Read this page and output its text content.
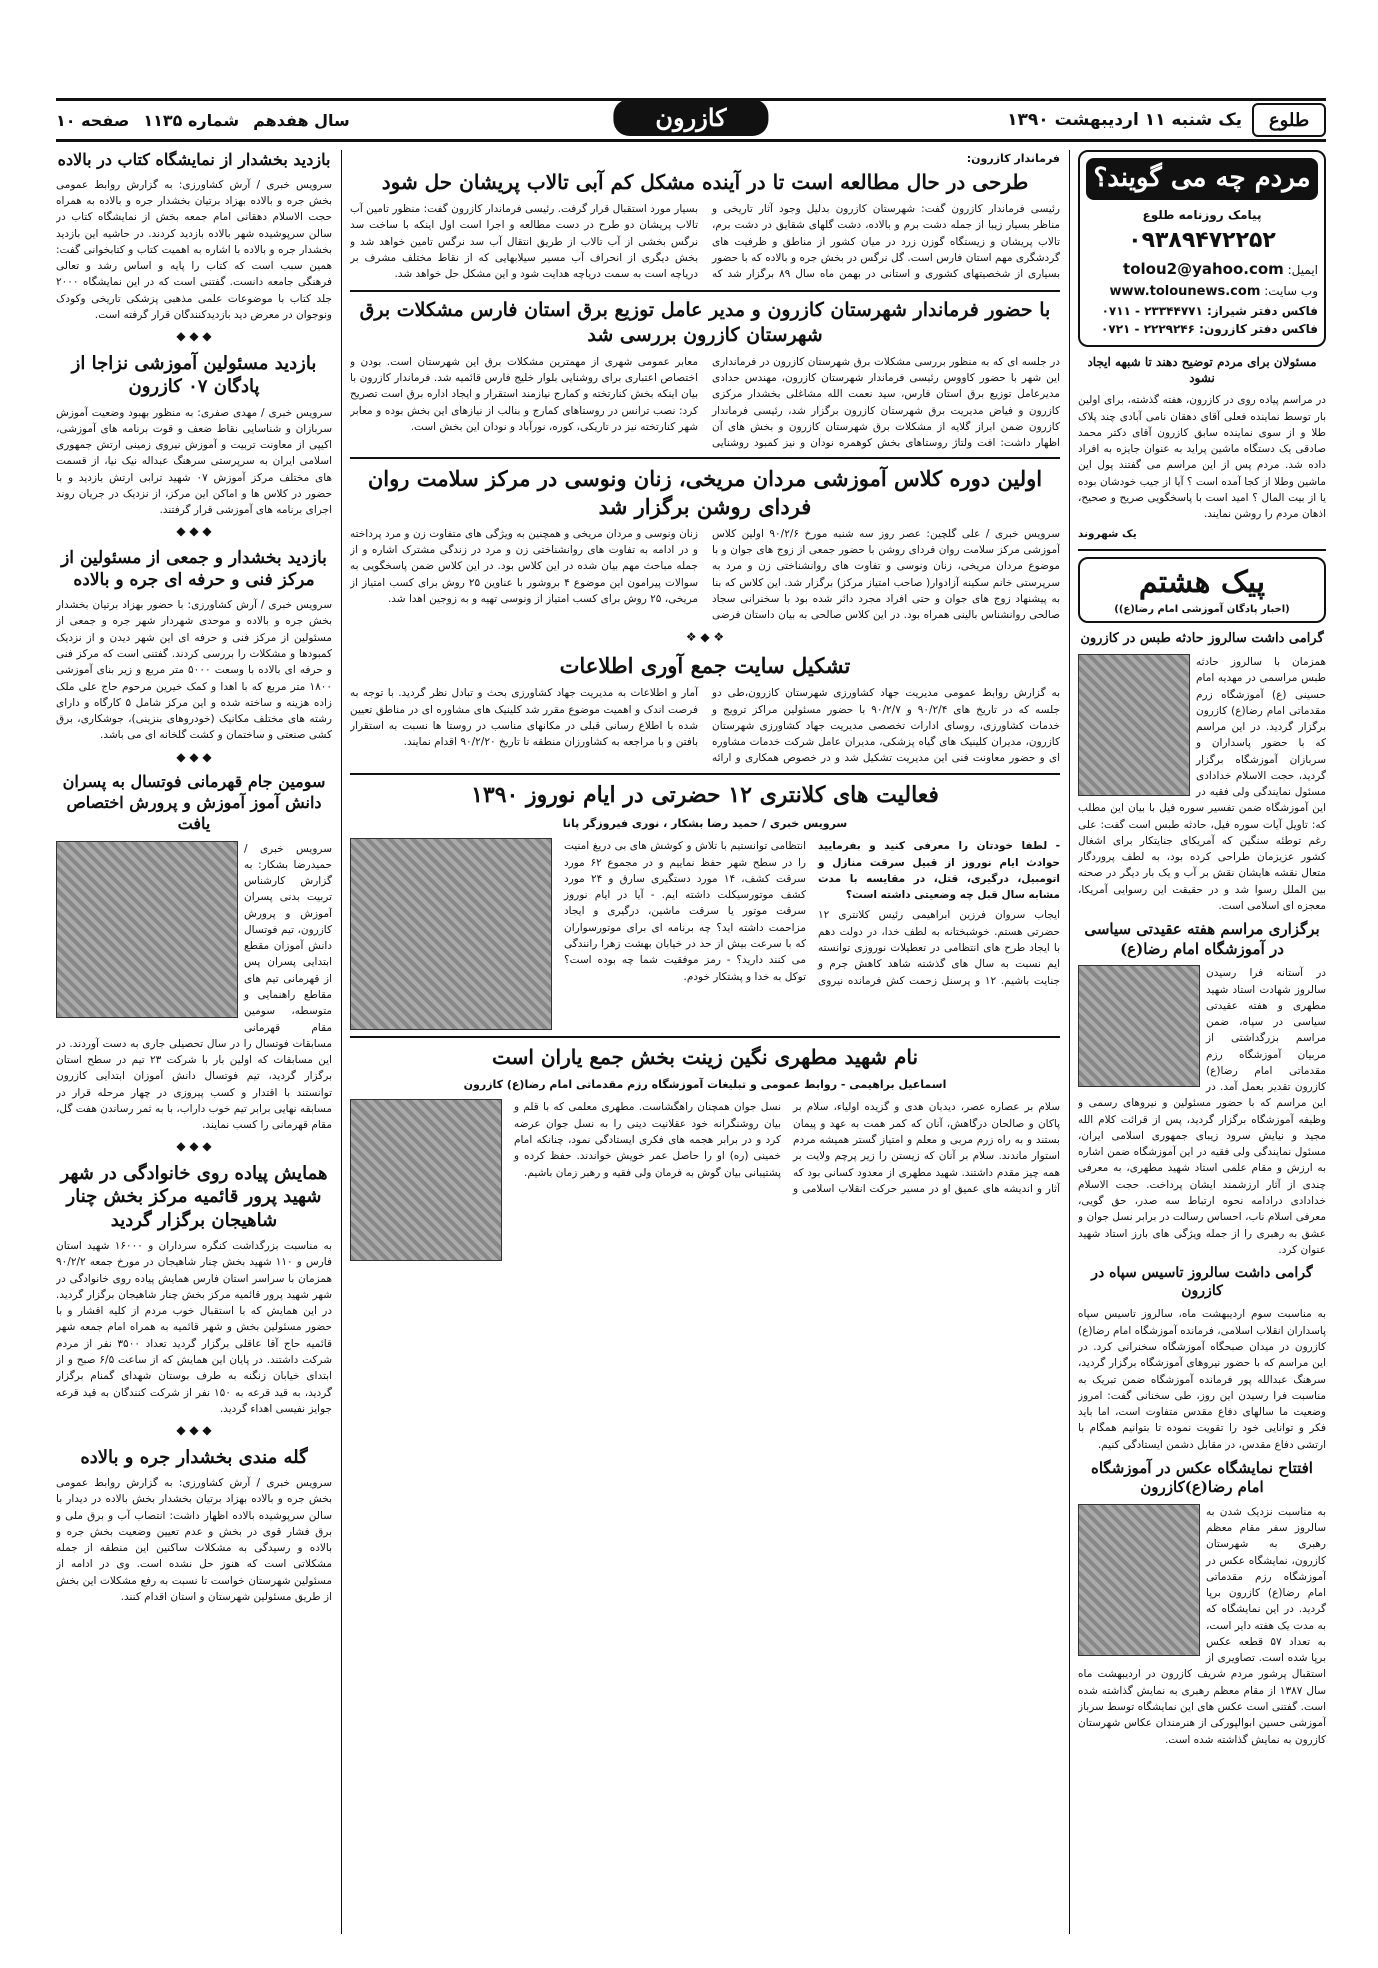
طلوع
یک شنبه ۱۱ اردیبهشت ۱۳۹۰
کازرون
سال هفدهم
شماره ۱۱۳۵
صفحه ۱۰
مردم چه می گویند؟
پیامک روزنامه طلوع
۰۹۳۸۹۴۷۲۲۵۲
ایمیل: tolou2@yahoo.com
وب سایت: www.tolounews.com
فاکس دفتر شیراز: ۲۳۳۴۴۷۷۱ - ۰۷۱۱
فاکس دفتر کازرون: ۲۲۲۹۲۴۶ - ۰۷۲۱
مسئولان برای مردم توضیح دهند تا شبهه ایجاد نشود

در مراسم پیاده روی در کازرون، هفته گذشته، برای اولین بار توسط نماینده فعلی آقای دهقان نامی آبادی چند پلاک طلا و از سوی نماینده سابق کازرون آقای دکتر محمد صادقی یک دستگاه ماشین پراید به عنوان جایزه به افراد داده شد. مردم پس از این مراسم می گفتند پول این ماشین وطلا از کجا آمده است ؟ آیا از جیب خودشان بوده یا از بیت المال ؟ امید است با پاسخگویی صریح و صحیح، اذهان مردم را روشن نمایند.

یک شهروند

پیک هشتم
(اخبار پادگان آموزشی امام رضا(ع))
گرامی داشت سالروز حادثه طبس در کازرون

همزمان با سالروز حادثه طبس مراسمی در مهدیه امام حسینی (ع) آموزشگاه زرم مقدماتی امام رضا(ع) کازرون برگزار گردید. در این مراسم که با حضور پاسداران و سربازان آموزشگاه برگزار گردید، حجت الاسلام خدادادی مسئول نمایندگی ولی فقیه در این آموزشگاه ضمن تفسیر سوره فیل با بیان این مطلب که: تاویل آیات سوره فیل، حادثه طبس است گفت: علی رغم توطئه سنگین که آمریکای جنایتکار برای اشغال کشور عزیزمان طراحی کرده بود، به لطف پروردگار متعال نقشه هایشان نقش بر آب و یک بار دیگر در صحنه بین الملل رسوا شد و در حقیقت این رسوایی آمریکا، معجزه ای اسلامی است.

برگزاری مراسم هفته عقیدتی سیاسی در آموزشگاه امام رضا(ع)

در آستانه فرا رسیدن سالروز شهادت استاد شهید مطهری و هفته عقیدتی سیاسی در سپاه، ضمن مراسم بزرگداشتی از مربیان آموزشگاه رزم مقدماتی امام رضا(ع) کازرون تقدیر بعمل آمد. در این مراسم که با حضور مسئولین و نیروهای رسمی و وظیفه آموزشگاه برگزار گردید، پس از قرائت کلام الله مجید و نیایش سرود زیبای جمهوری اسلامی ایران، مسئول نمایندگی ولی فقیه در این آموزشگاه ضمن اشاره به ارزش و مقام علمی استاد شهید مطهری، به معرفی چندی از آثار ارزشمند ایشان پرداخت. حجت الاسلام خدادادی درادامه نحوه ارتباط سه صدر، حق گویی، معرفی اسلام ناب، احساس رسالت در برابر نسل جوان و عشق به رهبری را از جمله ویژگی های بارز استاد شهید عنوان کرد.

گرامی داشت سالروز تاسیس سپاه در کازرون

به مناسبت سوم اردیبهشت ماه، سالروز تاسیس سپاه پاسداران انقلاب اسلامی، فرمانده آموزشگاه امام رضا(ع) کازرون در میدان صبحگاه آموزشگاه سخنرانی کرد. در این مراسم که با حضور نیروهای آموزشگاه برگزار گردید، سرهنگ عبدالله پور فرمانده آموزشگاه ضمن تبریک به مناسبت فرا رسیدن این روز، طی سخنانی گفت: امروز وضعیت ما سالهای دفاع مقدس متفاوت است، اما باید فکر و توانایی خود را تقویت نموده تا بتوانیم همگام با ارتشی دفاع مقدس، در مقابل دشمن ایستادگی کنیم.

افتتاح نمایشگاه عکس در آموزشگاه امام رضا(ع)کازرون

به مناسبت نزدیک شدن به سالروز سفر مقام معظم رهبری به شهرستان کازرون، نمایشگاه عکس در آموزشگاه رزم مقدماتی امام رضا(ع) کازرون برپا گردید. در این نمایشگاه که به مدت یک هفته دایر است، به تعداد ۵۷ قطعه عکس برپا شده است. تصاویری از استقبال پرشور مردم شریف کازرون در اردیبهشت ماه سال ۱۳۸۷ از مقام معظم رهبری به نمایش گذاشته شده است. گفتنی است عکس های این نمایشگاه توسط سرباز آموزشی حسین ابوالپورکی از هنرمندان عکاس شهرستان کازرون به نمایش گذاشته شده است.

فرماندار کازرون:
طرحی در حال مطالعه است تا در آینده مشکل کم آبی تالاب پریشان حل شود

رئیسی فرماندار کازرون گفت: شهرستان کازرون بدلیل وجود آثار تاریخی و مناظر بسیار زیبا از جمله دشت برم و بالاده، دشت گلهای شقایق در دشت برم، تالاب پریشان و زیستگاه گوزن زرد در میان کشور از مناطق و ظرفیت های گردشگری مهم استان فارس است. گل نرگس در بخش جره و بالاده که با حضور بسیاری از شخصیتهای کشوری و استانی در بهمن ماه سال ۸۹ برگزار شد که بسیار مورد استقبال قرار گرفت. رئیسی فرماندار کازرون گفت: منظور تامین آب تالاب پریشان دو طرح در دست مطالعه و اجرا است اول اینکه با ساخت سد نرگس بخشی از آب تالاب از طریق انتقال آب سد نرگس تامین خواهد شد و بخش دیگری از انحراف آب مسیر سیلابهایی که از نقاط مختلف مشرف بر دریاچه است به سمت دریاچه هدایت شود و این مشکل حل خواهد شد.

با حضور فرماندار شهرستان کازرون و مدیر عامل توزیع برق استان فارس مشکلات برق شهرستان کازرون بررسی شد

در جلسه ای که به منظور بررسی مشکلات برق شهرستان کازرون در فرمانداری این شهر با حضور کاووس رئیسی فرماندار شهرستان کازرون، مهندس حدادی مدیرعامل توزیع برق استان فارس، سید نعمت الله مشاغلی بخشدار مرکزی کازرون و فیاض مدیریت برق شهرستان کازرون برگزار شد، رئیسی فرماندار کازرون ضمن ابراز گلایه از مشکلات برق شهرستان کازرون و بخش های آن اظهار داشت: افت ولتاژ روستاهای بخش کوهمره نودان و نیز کمبود روشنایی معابر عمومی شهری از مهمترین مشکلات برق این شهرستان است. بودن و اختصاص اعتباری برای روشنایی بلوار خلیج فارس قائمیه شد. فرماندار کازرون با بیان اینکه بخش کنارتخته و کمارج نیازمند استقرار و ایجاد اداره برق است تصریح کرد: نصب ترانس در روستاهای کمارج و بنالب از نیازهای این بخش بوده و معابر شهر کنارتخته نیز در تاریکی، کوره، نورآباد و نودان این بخش است.

اولین دوره کلاس آموزشی مردان مریخی، زنان ونوسی در مرکز سلامت روان فردای روشن برگزار شد

سرویس خبری / علی گلچین: عصر روز سه شنبه مورخ ۹۰/۲/۶ اولین کلاس آموزشی مرکز سلامت روان فردای روشن با حضور جمعی از زوج های جوان و با موضوع مردان مریخی، زنان ونوسی و تفاوت های روانشناختی زن و مرد به سرپرستی خانم سکینه آزادوار( صاحب امتیاز مرکز) برگزار شد. این کلاس که بنا به پیشنهاد زوج های جوان و حتی افراد مجرد دائر شده بود با سخنرانی سجاد صالحی روانشناس بالینی همراه بود. در این کلاس صالحی به بیان داستان فرضی زنان ونوسی و مردان مریخی و همچنین به ویژگی های متفاوت زن و مرد پرداخته و در ادامه به تفاوت های روانشناختی زن و مرد در زندگی مشترک اشاره و از جمله مباحث مهم بیان شده در این کلاس بود. در این کلاس ضمن پاسخگویی به سوالات پیرامون این موضوع ۴ بروشور با عناوین ۲۵ روش برای کسب امتیاز از مریخی، ۲۵ روش برای کسب امتیاز از ونوسی تهیه و به زوجین اهدا شد.

❖ ◆ ❖
تشکیل سایت جمع آوری اطلاعات

به گزارش روابط عمومی مدیریت جهاد کشاورزی شهرستان کازرون،طی دو جلسه که در تاریخ های ۹۰/۲/۴ و ۹۰/۲/۷ با حضور مسئولین مراکز ترویج و خدمات کشاورزی، روسای ادارات تخصصی مدیریت جهاد کشاورزی شهرستان کازرون، مدیران کلینیک های گیاه پزشکی، مدیران عامل شرکت خدمات مشاوره ای و حضور معاونت فنی این مدیریت تشکیل شد و در خصوص همکاری و ارائه آمار و اطلاعات به مدیریت جهاد کشاورزی بحث و تبادل نظر گردید. با توجه به فرصت اندک و اهمیت موضوع مقرر شد کلینیک های مشاوره ای در مناطق تعیین شده با اطلاع رسانی قبلی در مکانهای مناسب در روستا ها نسبت به استقرار بافتن و با مراجعه به کشاورزان منطقه تا تاریخ ۹۰/۲/۲۰ اقدام نمایند.

فعالیت های کلانتری ۱۲ حضرتی در ایام نوروز ۱۳۹۰
سرویس خبری / حمید رضا بشکار ، نوری فیروزگر پانا

- لطفا خودتان را معرفی کنید و بفرمایید حوادث ایام نوروز از قبیل سرقت منازل و اتومبیل، درگیری، قتل، در مقایسه با مدت مشابه سال قبل چه وضعیتی داشته است؟

ایجاب سروان فرزین ابراهیمی رئیس کلانتری ۱۲ حضرتی هستم. خوشبختانه به لطف خدا، در دولت دهم با ایجاد طرح های انتظامی در تعطیلات نوروزی توانسته ایم نسبت به سال های گذشته شاهد کاهش جرم و جنایت باشیم. ۱۲ و پرسنل زحمت کش فرمانده نیروی انتظامی توانستیم با تلاش و کوشش های بی دریغ امنیت را در سطح شهر حفظ نماییم و در مجموع ۶۲ مورد سرقت کشف، ۱۴ مورد دستگیری سارق و ۲۴ مورد کشف موتورسیکلت داشته ایم. - آیا در ایام نوروز سرقت موتور یا سرقت ماشین، درگیری و ایجاد مزاحمت داشته اید؟ چه برنامه ای برای موتورسواران که با سرعت بیش از حد در خیابان بهشت زهرا رانندگی می کنند دارید؟ - رمز موفقیت شما چه بوده است؟ توکل به خدا و پشتکار خودم.

نام شهید مطهری نگین زینت بخش جمع یاران است
اسماعیل براهیمی - روابط عمومی و تبلیغات آموزشگاه رزم مقدماتی امام رضا(ع) کازرون

سلام بر عصاره عصر، دیدبان هدی و گزیده اولیاء، سلام بر پاکان و صالحان درگاهش، آنان که کمر همت به عهد و پیمان بستند و به راه زرم مربی و معلم و امتیاز گستر همیشه مردم استوار ماندند. سلام بر آنان که زیستن را زیر پرچم ولایت بر همه چیز مقدم داشتند. شهید مطهری از معدود کسانی بود که آثار و اندیشه های عمیق او در مسیر حرکت انقلاب اسلامی و نسل جوان همچنان راهگشاست. مطهری معلمی که با قلم و بیان روشنگرانه خود عقلانیت دینی را به نسل جوان عرضه کرد و در برابر هجمه های فکری ایستادگی نمود، چنانکه امام خمینی (ره) او را حاصل عمر خویش خواندند. حفظ کرده و پشتیبانی بیان گوش به فرمان ولی فقیه و رهبر زمان باشیم.

بازدید بخشدار از نمایشگاه کتاب در بالاده

سرویس خبری / آرش کشاورزی: به گزارش روابط عمومی بخش جره و بالاده بهزاد برتیان بخشدار جره و بالاده به همراه حجت الاسلام دهقانی امام جمعه بخش از نمایشگاه کتاب در سالن سرپوشیده شهر بالاده بازدید کردند. در حاشیه این بازدید بخشدار جره و بالاده با اشاره به اهمیت کتاب و کتابخوانی گفت: همین سبب است که کتاب را پایه و اساس رشد و تعالی فرهنگی جامعه دانست. گفتنی است که در این نمایشگاه ۲۰۰۰ جلد کتاب با موضوعات علمی مذهبی پزشکی تاریخی وکودک ونوجوان در معرض دید بازدیدکنندگان قرار گرفته است.

◆ ◆ ◆
بازدید مسئولین آموزشی نزاجا از پادگان ۰۷ کازرون

سرویس خبری / مهدی صفری: به منظور بهبود وضعیت آموزش سربازان و شناسایی نقاط ضعف و قوت برنامه های آموزشی، اکیپی از معاونت تربیت و آموزش نیروی زمینی ارتش جمهوری اسلامی ایران به سرپرستی سرهنگ عبداله نیک نیا، از قسمت های مختلف مرکز آموزش ۰۷ شهید ترابی ارتش بازدید و با حضور در کلاس ها و اماکن این مرکز، از نزدیک در جریان روند اجرای برنامه های آموزشی قرار گرفتند.

◆ ◆ ◆
بازدید بخشدار و جمعی از مسئولین از مرکز فنی و حرفه ای جره و بالاده

سرویس خبری / آرش کشاورزی: با حضور بهزاد برتیان بخشدار بخش جره و بالاده و موحدی شهردار شهر جره و جمعی از مسئولین از مرکز فنی و حرفه ای این شهر دیدن و از نزدیک کمبودها و مشکلات را بررسی کردند. گفتنی است که مرکز فنی و حرفه ای بالاده با وسعت ۵۰۰۰ متر مربع و زیر بنای آموزشی ۱۸۰۰ متر مربع که با اهدا و کمک خیرین مرحوم حاج علی ملک زاده هزینه و ساخته شده و این مرکز شامل ۵ کارگاه و دارای رشته های مختلف مکانیک (خودروهای بنزینی)، جوشکاری، برق کشی صنعتی و ساختمان و کشت گلخانه ای می باشد.

◆ ◆ ◆
سومین جام قهرمانی فوتسال به پسران دانش آموز آموزش و پرورش اختصاص یافت

سرویس خبری / حمیدرضا بشکار: به گزارش کارشناس تربیت بدنی پسران آموزش و پرورش کازرون، تیم فوتسال دانش آموزان مقطع ابتدایی پسران پس از قهرمانی تیم های مقاطع راهنمایی و متوسطه، سومین مقام قهرمانی مسابقات فوتسال را در سال تحصیلی جاری به دست آوردند. در این مسابقات که اولین بار با شرکت ۲۳ تیم در سطح استان برگزار گردید، تیم فوتسال دانش آموزان ابتدایی کازرون توانستند با اقتدار و کسب پیروزی در چهار مرحله قرار در مسابقه نهایی برابر تیم خوب داراب، با به ثمر رساندن هفت گل، مقام قهرمانی را کسب نمایند.

◆ ◆ ◆
همایش پیاده روی خانوادگی در شهر شهید پرور قائمیه مرکز بخش چنار شاهیجان برگزار گردید

به مناسبت بزرگداشت کنگره سرداران و ۱۶۰۰۰ شهید استان فارس و ۱۱۰ شهید بخش چنار شاهیجان در مورخ جمعه ۹۰/۲/۲ همزمان با سراسر استان فارس همایش پیاده روی خانوادگی در شهر شهید پرور قائمیه مرکز بخش چنار شاهیجان برگزار گردید. در این همایش که با استقبال خوب مردم از کلیه اقشار و با حضور مسئولین بخش و شهر قائمیه به همراه امام جمعه شهر قائمیه حاج آقا عاقلی برگزار گردید تعداد ۳۵۰۰ نفر از مردم شرکت داشتند. در پایان این همایش که از ساعت ۶/۵ صبح و از ابتدای خیابان زنگنه به طرف بوستان شهدای گمنام برگزار گردید، به قید قرعه به ۱۵۰ نفر از شرکت کنندگان به قید قرعه جوایز نفیسی اهداء گردید.

◆ ◆ ◆
گله مندی بخشدار جره و بالاده

سرویس خبری / آرش کشاورزی: به گزارش روابط عمومی بخش جره و بالاده بهزاد برتیان بخشدار بخش بالاده در دیدار با سالن سرپوشیده بالاده اظهار داشت: انتصاب آب و برق ملی و برق فشار قوی در بخش و عدم تعیین وضعیت بخش جره و بالاده و رسیدگی به مشکلات ساکنین این منطقه از جمله مشکلاتی است که هنوز حل نشده است. وی در ادامه از مسئولین شهرستان خواست تا نسبت به رفع مشکلات این بخش از طریق مسئولین شهرستان و استان اقدام کنند.
